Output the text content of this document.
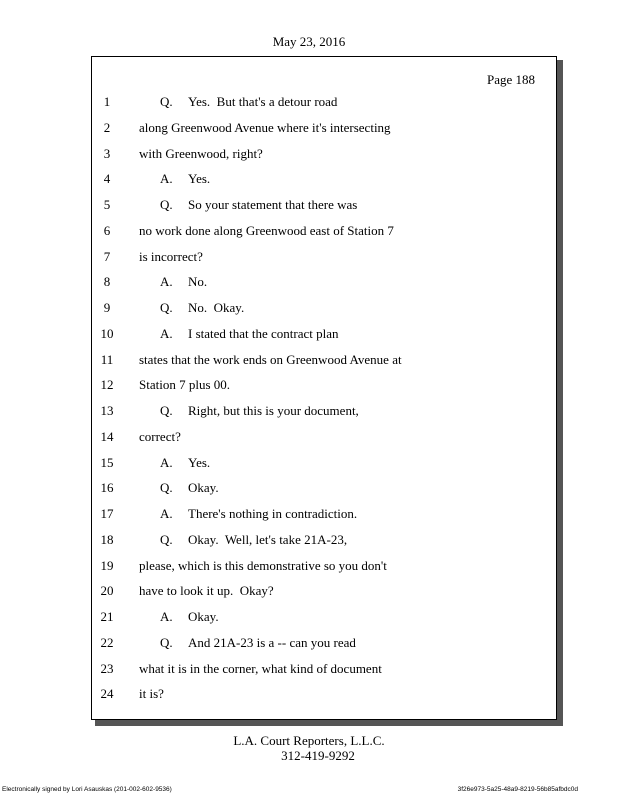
May 23, 2016
Page 188
1	Q. Yes.  But that's a detour road
2	along Greenwood Avenue where it's intersecting
3	with Greenwood, right?
4	A. Yes.
5	Q. So your statement that there was
6	no work done along Greenwood east of Station 7
7	is incorrect?
8	A. No.
9	Q. No.  Okay.
10	A. I stated that the contract plan
11	states that the work ends on Greenwood Avenue at
12	Station 7 plus 00.
13	Q. Right, but this is your document,
14	correct?
15	A. Yes.
16	Q. Okay.
17	A. There's nothing in contradiction.
18	Q. Okay.  Well, let's take 21A-23,
19	please, which is this demonstrative so you don't
20	have to look it up.  Okay?
21	A. Okay.
22	Q. And 21A-23 is a -- can you read
23	what it is in the corner, what kind of document
24	it is?
L.A. Court Reporters, L.L.C.
312-419-9292
Electronically signed by Lori Asauskas (201-002-602-9536)	3f26e973-5a25-48a9-8219-56b85afbdc0d
